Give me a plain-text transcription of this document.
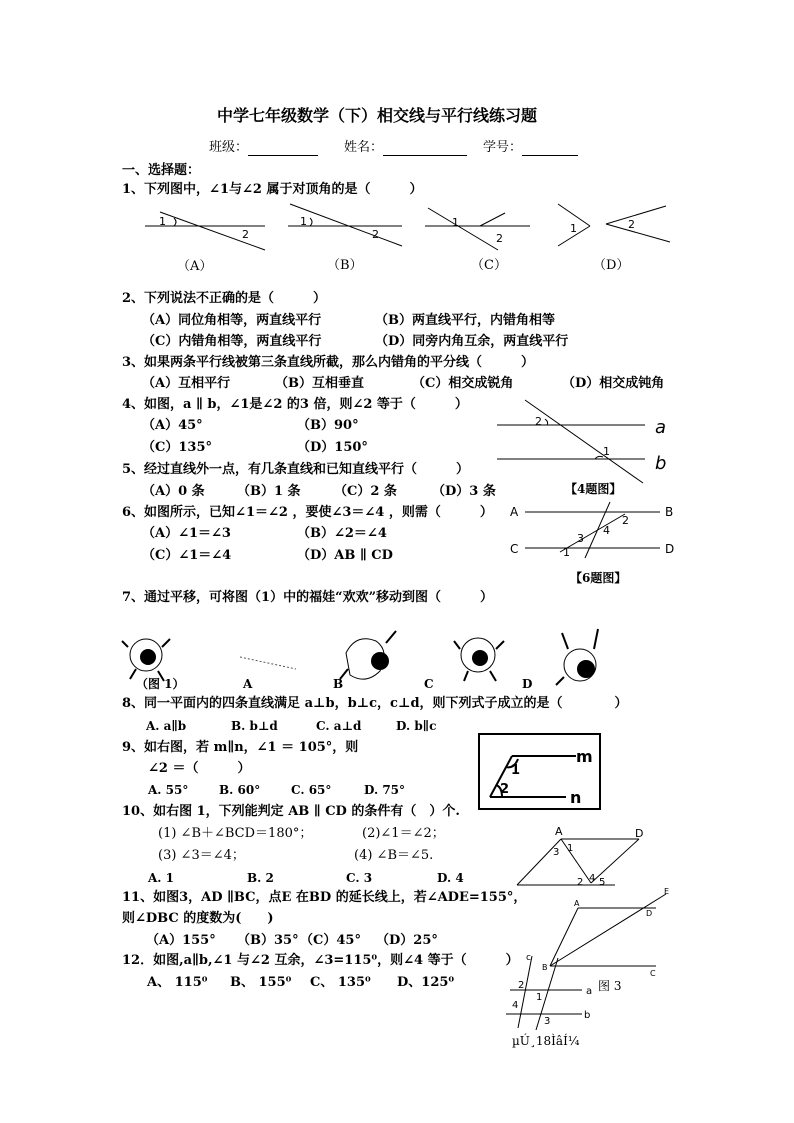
中学七年级数学（下）相交线与平行线练习题
班级：	姓名：	学号：
一、选择题：
1、下列图中，∠1与∠2 属于对顶角的是（　　　）
1
2
1
2
1
2
1	2
（A）	（B）	（C）	（D）
2、下列说法不正确的是（　　　）
（A）同位角相等，两直线平行	（B）两直线平行，内错角相等
（C）内错角相等，两直线平行	（D）同旁内角互余，两直线平行
3、如果两条平行线被第三条直线所截，那么内错角的平分线（　　　）
（A）互相平行	（B）互相垂直	（C）相交成锐角	（D）相交成钝角
4、如图，a ∥ b，∠1是∠2 的3 倍，则∠2 等于（　　　）
（A）45°	（B）90°
（C）135°	（D）150°
2
1
a
b
【4题图】
5、经过直线外一点，有几条直线和已知直线平行（　　　）
（A）0 条 （B）1 条	（C）2 条	（D）3 条
6、如图所示，已知∠1＝∠2 ，要使∠3＝∠4 ，则需（　　　）
（A）∠1＝∠3	（B）∠2＝∠4
（C）∠1＝∠4	（D）AB ∥ CD
A	B
C	D
2
4
3
1
【6题图】
7、通过平移，可将图（1）中的福娃“欢欢”移动到图（　　　）
（图 1）	A	B	C	D
8、同一平面内的四条直线满足 a⊥b，b⊥c，c⊥d，则下列式子成立的是（　　　　）
A. a∥b	B. b⊥d	C. a⊥d	D. b∥c
9、如右图，若 m∥n，∠1 ＝ 105°，则
∠2 ＝（　　　）
A. 55°	B. 60°	C. 65°	D. 75°
1
2
m
n
10、如右图 1，下列能判定 AB ∥ CD 的条件有（　）个.
(1) ∠B＋∠BCD＝180°；	(2)∠1＝∠2；
(3) ∠3＝∠4；	(4) ∠B＝∠5.
A. 1	B. 2	C. 3	D. 4
A	D
1
3
2 4 5
11、如图3，AD ∥BC，点E 在BD 的延长线上，若∠ADE=155°，
则∠DBC 的度数为(　　)
（A）155° （B）35° （C）45° （D）25°
A
B
C
D
E
图 3
12．如图,a∥b,∠1 与∠2 互余，∠3=115⁰，则∠4 等于（　　　）
A、 115⁰ B、 155⁰ C、 135⁰ D、125⁰
c
a
b
2
1
4
3
µÚ¸18ÌâÍ¼
